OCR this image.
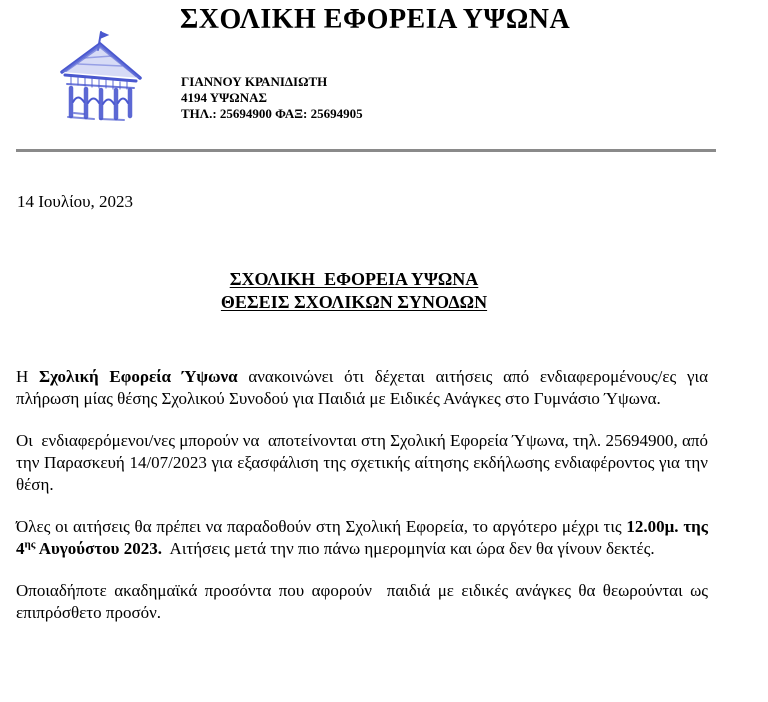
ΣΧΟΛΙΚΗ ΕΦΟΡΕΙΑ ΥΨΩΝΑ
ΓΙΑΝΝΟΥ ΚΡΑΝΙΔΙΩΤΗ
4194 ΥΨΩΝΑΣ
ΤΗΛ.: 25694900 ΦΑΞ: 25694905
14 Ιουλίου, 2023
ΣΧΟΛΙΚΗ  ΕΦΟΡΕΙΑ ΥΨΩΝΑ
ΘΕΣΕΙΣ ΣΧΟΛΙΚΩΝ ΣΥΝΟΔΩΝ

Η Σχολική Εφορεία Ύψωνα ανακοινώνει ότι δέχεται αιτήσεις από ενδιαφερομένους/ες για πλήρωση μίας θέσης Σχολικού Συνοδού για Παιδιά με Ειδικές Ανάγκες στο Γυμνάσιο Ύψωνα.

Οι  ενδιαφερόμενοι/νες μπορούν να  αποτείνονται στη Σχολική Εφορεία Ύψωνα, τηλ. 25694900, από την Παρασκευή 14/07/2023 για εξασφάλιση της σχετικής αίτησης εκδήλωσης ενδιαφέροντος για την θέση.

Όλες οι αιτήσεις θα πρέπει να παραδοθούν στη Σχολική Εφορεία, το αργότερο μέχρι τις 12.00μ. της $4^{\eta\varsigma}$ Αυγούστου 2023.  Αιτήσεις μετά την πιο πάνω ημερομηνία και ώρα δεν θα γίνουν δεκτές.

Οποιαδήποτε ακαδημαϊκά προσόντα που αφορούν  παιδιά με ειδικές ανάγκες θα θεωρούνται ως επιπρόσθετο προσόν.
